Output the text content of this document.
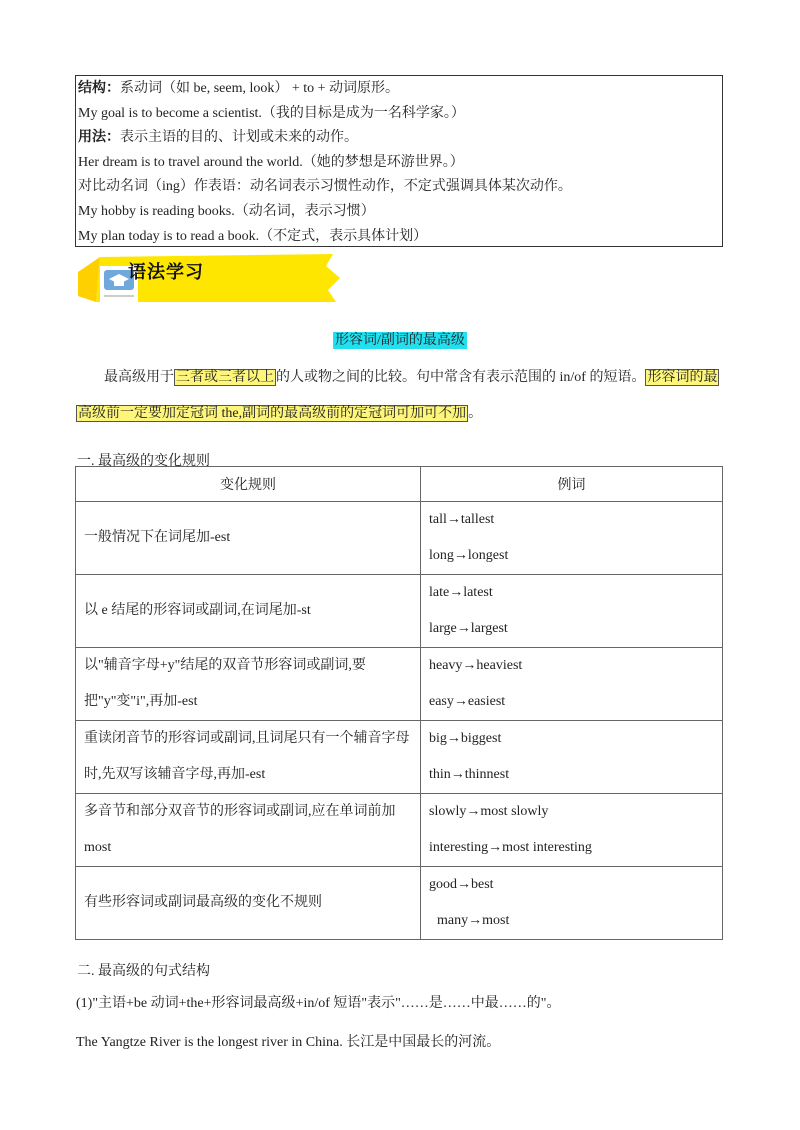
结构：系动词（如 be, seem, look） + to + 动词原形。
My goal is to become a scientist.（我的目标是成为一名科学家。）
用法：表示主语的目的、计划或未来的动作。
Her dream is to travel around the world.（她的梦想是环游世界。）
对比动名词（ing）作表语：动名词表示习惯性动作，不定式强调具体某次动作。
My hobby is reading books.（动名词，表示习惯）
My plan today is to read a book.（不定式，表示具体计划）
语法学习
形容词/副词的最高级
最高级用于 三者或三者以上 的人或物之间的比较。句中常含有表示范围的 in/of 的短语。 形容词的最
高级前一定要加定冠词 the,副词的最高级前的定冠词可加可不加 。
一. 最高级的变化规则
变化规则	例词
一般情况下在词尾加-est	tall→tallest
long→longest

以 e 结尾的形容词或副词,在词尾加-st	late→latest
large→largest

以"辅音字母+y"结尾的双音节形容词或副词,要把"y"变"i",再加-est	heavy→heaviest
easy→easiest

重读闭音节的形容词或副词,且词尾只有一个辅音字母时,先双写该辅音字母,再加-est	big→biggest
thin→thinnest

多音节和部分双音节的形容词或副词,应在单词前加most	slowly→most slowly
interesting→most interesting

有些形容词或副词最高级的变化不规则	good→best
many→most
二. 最高级的句式结构
(1)"主语+be 动词+the+形容词最高级+in/of 短语"表示"……是……中最……的"。
The Yangtze River is the longest river in China. 长江是中国最长的河流。
